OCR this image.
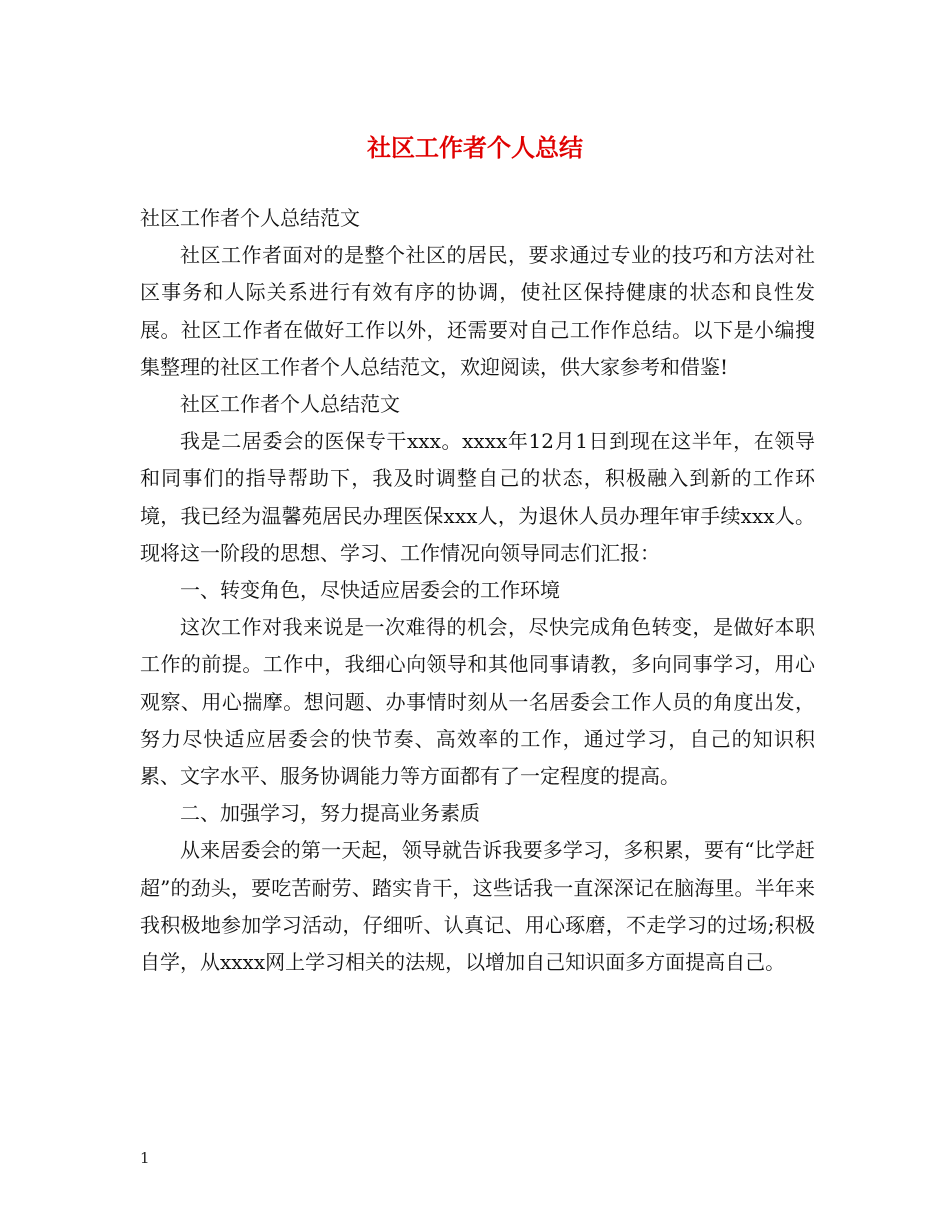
社区工作者个人总结

社区工作者个人总结范文

社区工作者面对的是整个社区的居民，要求通过专业的技巧和方法对社区事务和人际关系进行有效有序的协调，使社区保持健康的状态和良性发展。社区工作者在做好工作以外，还需要对自己工作作总结。以下是小编搜集整理的社区工作者个人总结范文，欢迎阅读，供大家参考和借鉴!

社区工作者个人总结范文

我是二居委会的医保专干xxx。xxxx年12月1日到现在这半年，在领导和同事们的指导帮助下，我及时调整自己的状态，积极融入到新的工作环境，我已经为温馨苑居民办理医保xxx人，为退休人员办理年审手续xxx人。现将这一阶段的思想、学习、工作情况向领导同志们汇报：

一、转变角色，尽快适应居委会的工作环境

这次工作对我来说是一次难得的机会，尽快完成角色转变，是做好本职工作的前提。工作中，我细心向领导和其他同事请教，多向同事学习，用心观察、用心揣摩。想问题、办事情时刻从一名居委会工作人员的角度出发，努力尽快适应居委会的快节奏、高效率的工作，通过学习，自己的知识积累、文字水平、服务协调能力等方面都有了一定程度的提高。

二、加强学习，努力提高业务素质

从来居委会的第一天起，领导就告诉我要多学习，多积累，要有“比学赶超”的劲头，要吃苦耐劳、踏实肯干，这些话我一直深深记在脑海里。半年来我积极地参加学习活动，仔细听、认真记、用心琢磨，不走学习的过场;积极自学，从xxxx网上学习相关的法规，以增加自己知识面多方面提高自己。

1
